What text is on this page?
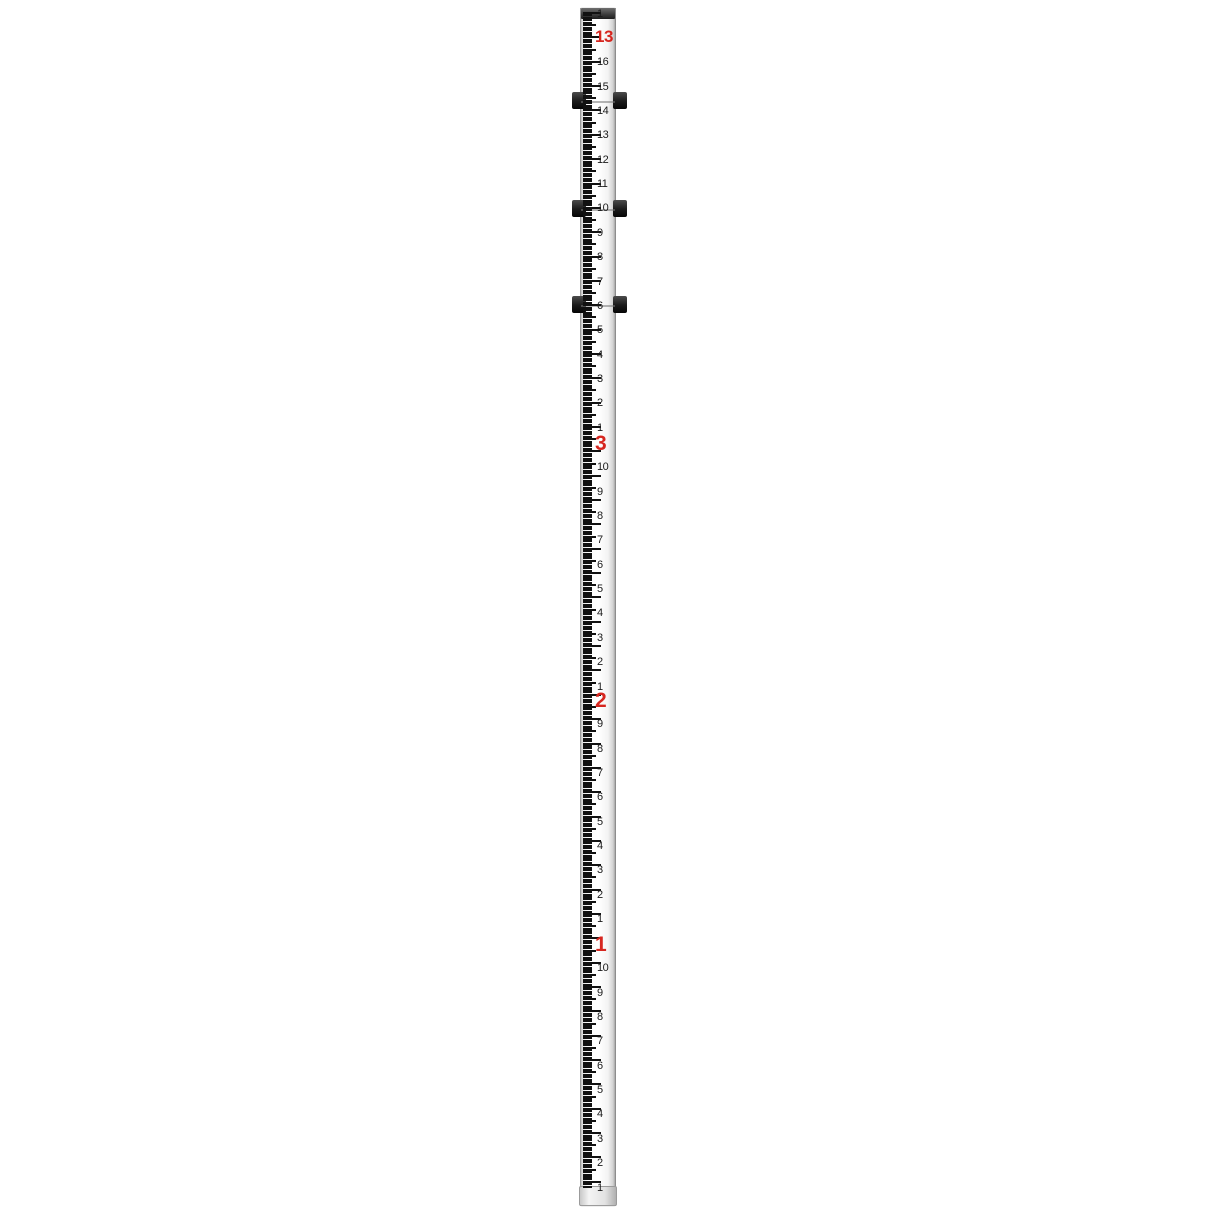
13
3
2
1
1
16
15
14
13
12
11
10
9
8
7
6
5
4
3
2
1
10
9
8
7
6
5
4
3
2
1
9
8
7
6
5
4
3
2
1
10
9
8
7
6
5
4
3
2
1
